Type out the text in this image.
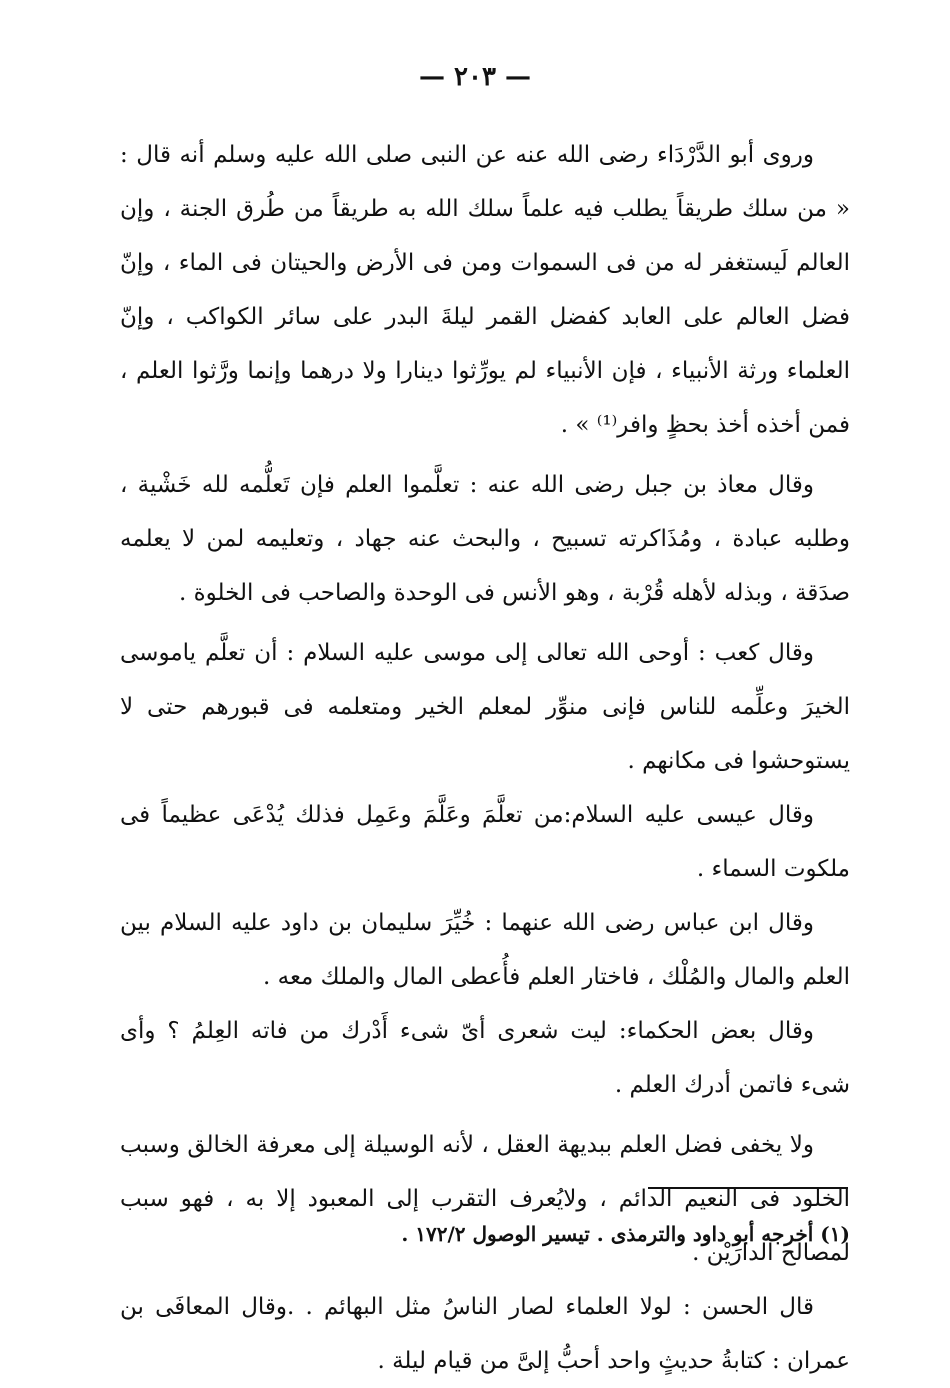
— ٢٠٣ —

وروى أبو الدَّرْدَاء رضى الله عنه عن النبى صلى الله عليه وسلم أنه قال : « من سلك طريقاً يطلب فيه علماً سلك الله به طريقاً من طُرق الجنة ، وإن العالم لَيستغفر له من فى السموات ومن فى الأرض والحيتان فى الماء ، وإنّ فضل العالم على العابد كفضل القمر ليلةَ البدر على سائر الكواكب ، وإنّ العلماء ورثة الأنبياء ، فإن الأنبياء لم يورِّثوا دينارا ولا درهما وإنما ورَّثوا العلم ، فمن أخذه أخذ بحظٍ وافر⁽¹⁾ » .

وقال معاذ بن جبل رضى الله عنه : تعلَّموا العلم فإن تَعلُّمه لله خَشْية ، وطلبه عبادة ، ومُذَاكرته تسبيح ، والبحث عنه جهاد ، وتعليمه لمن لا يعلمه صدَقة ، وبذله لأهله قُرْبة ، وهو الأنس فى الوحدة والصاحب فى الخلوة .

وقال كعب : أوحى الله تعالى إلى موسى عليه السلام : أن تعلَّم ياموسى الخيرَ وعلِّمه للناس فإنى منوِّر لمعلم الخير ومتعلمه فى قبورهم حتى لا يستوحشوا فى مكانهم .

وقال عيسى عليه السلام:من تعلَّمَ وعَلَّمَ وعَمِل فذلك يُدْعَى عظيماً فى ملكوت السماء .

وقال ابن عباس رضى الله عنهما : خُيِّرَ سليمان بن داود عليه السلام بين العلم والمال والمُلْك ، فاختار العلم فأُعطى المال والملك معه .

وقال بعض الحكماء: ليت شعرى أىّ شىء أَدْرك من فاته العِلمُ ؟ وأى شىء فاتمن أدرك العلم .

ولا يخفى فضل العلم ببديهة العقل ، لأنه الوسيلة إلى معرفة الخالق وسبب الخلود فى النعيم الدائم ، ولايُعرف التقرب إلى المعبود إلا به ، فهو سبب لمصالح الدارَيْن .

قال الحسن : لولا العلماء لصار الناسُ مثل البهائم . .وقال المعافَى بن عمران : كتابةُ حديثٍ واحد أحبُّ إلىَّ من قيام ليلة .

(١) أخرجه أبو داود والترمذى . تيسير الوصول ١٧٢/٢ .
